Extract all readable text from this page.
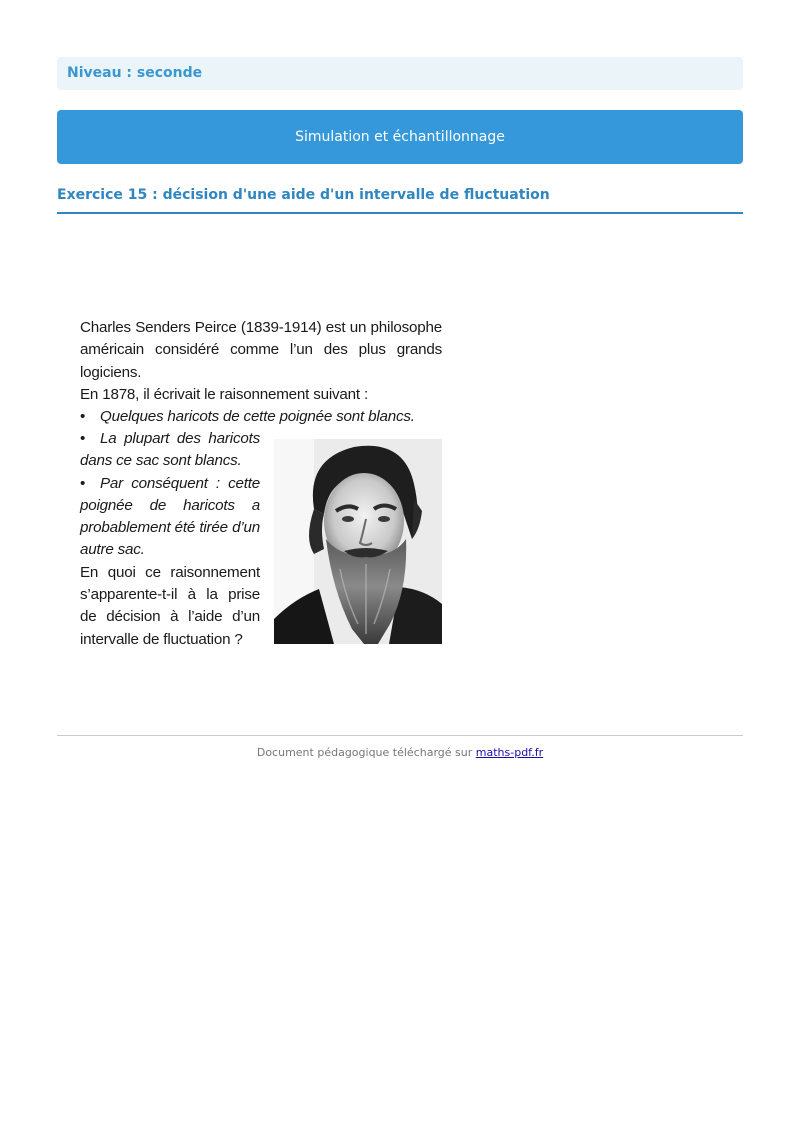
Niveau : seconde
Simulation et échantillonnage
Exercice 15 : décision d'une aide d'un intervalle de fluctuation
Charles Senders Peirce (1839-1914) est un philosophe américain considéré comme l’un des plus grands logiciens.
En 1878, il écrivait le raisonnement suivant :
• Quelques haricots de cette poignée sont blancs.

• La plupart des haricots dans ce sac sont blancs.

• Par conséquent : cette poignée de haricots a probablement été tirée d’un autre sac.

En quoi ce raisonnement s’apparente-t-il à la prise de décision à l’aide d’un intervalle de fluctuation ?

Document pédagogique téléchargé sur maths-pdf.fr
